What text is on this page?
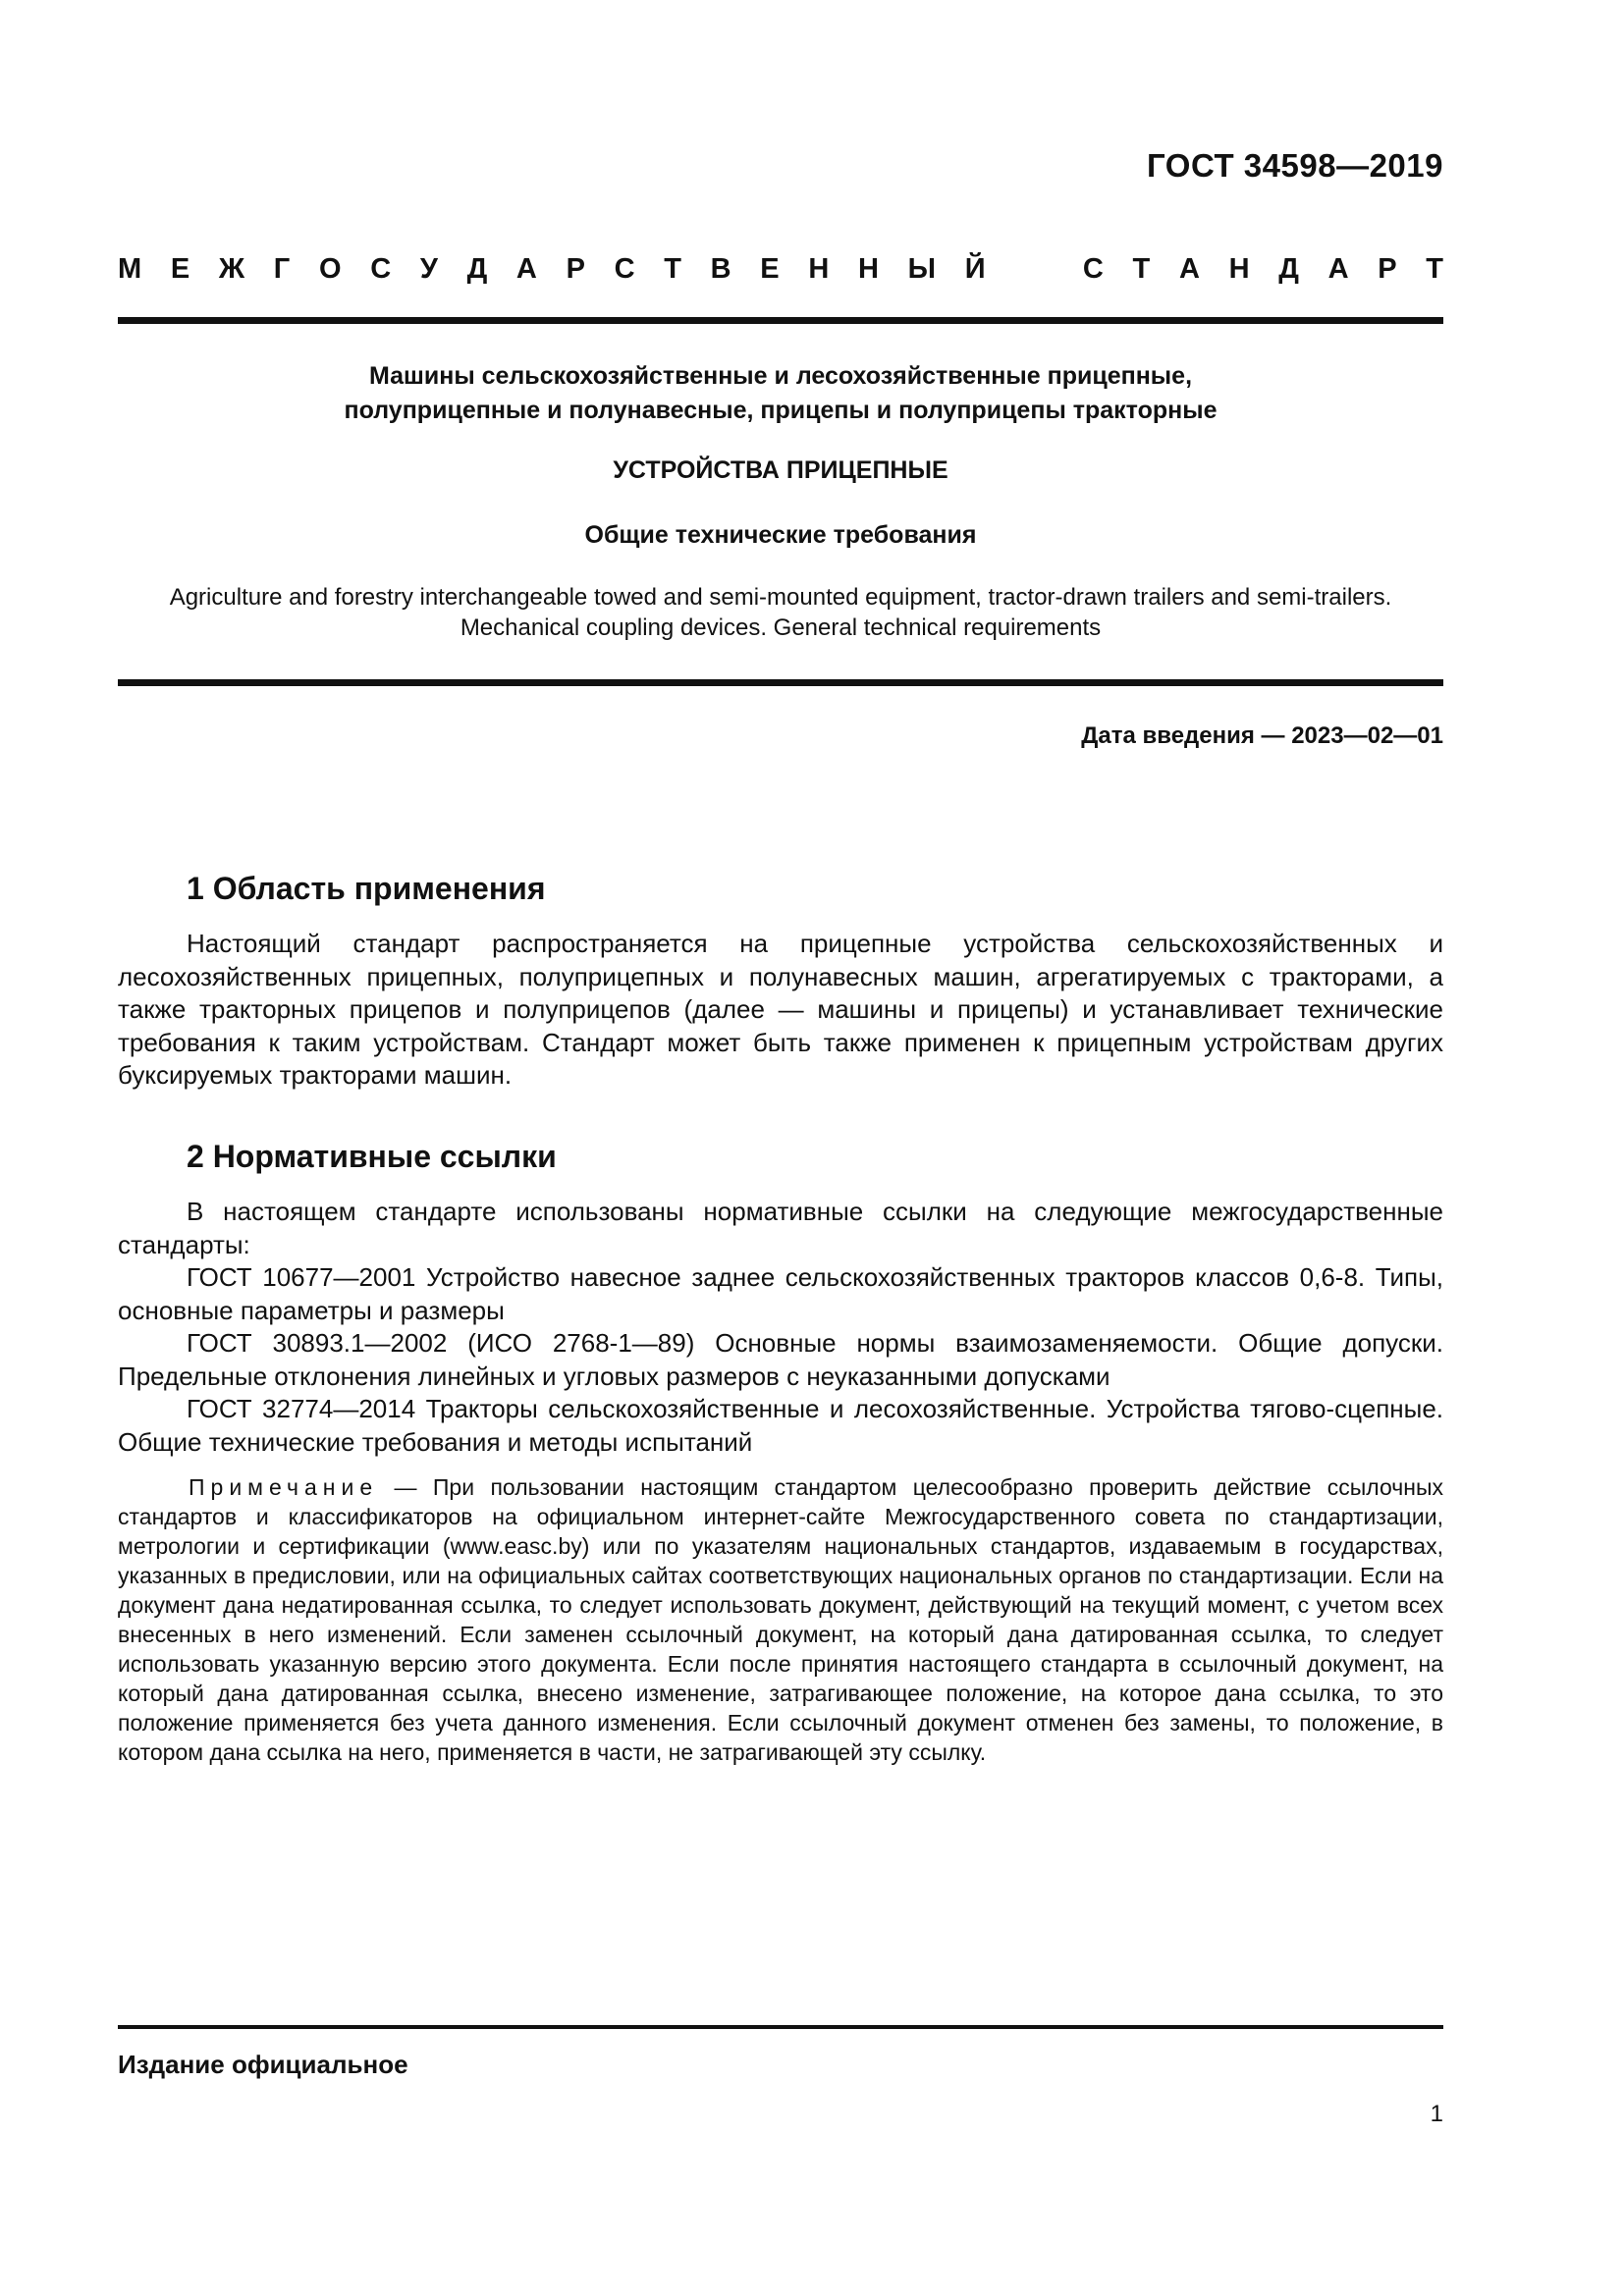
ГОСТ 34598—2019
М Е Ж Г О С У Д А Р С Т В Е Н Н Ы Й	С Т А Н Д А Р Т
Машины сельскохозяйственные и лесохозяйственные прицепные,
полуприцепные и полунавесные, прицепы и полуприцепы тракторные
УСТРОЙСТВА ПРИЦЕПНЫЕ
Общие технические требования
Agriculture and forestry interchangeable towed and semi-mounted equipment, tractor-drawn trailers and semi-trailers.
Mechanical coupling devices. General technical requirements
Дата введения — 2023—02—01
1 Область применения
Настоящий стандарт распространяется на прицепные устройства сельскохозяйственных и лесохозяйственных прицепных, полуприцепных и полунавесных машин, агрегатируемых с тракторами, а также тракторных прицепов и полуприцепов (далее — машины и прицепы) и устанавливает технические требования к таким устройствам. Стандарт может быть также применен к прицепным устройствам других буксируемых тракторами машин.
2 Нормативные ссылки
В настоящем стандарте использованы нормативные ссылки на следующие межгосударственные стандарты:
ГОСТ 10677—2001 Устройство навесное заднее сельскохозяйственных тракторов классов 0,6-8. Типы, основные параметры и размеры
ГОСТ 30893.1—2002 (ИСО 2768-1—89) Основные нормы взаимозаменяемости. Общие допуски. Предельные отклонения линейных и угловых размеров с неуказанными допусками
ГОСТ 32774—2014 Тракторы сельскохозяйственные и лесохозяйственные. Устройства тягово-сцепные. Общие технические требования и методы испытаний
Примечание — При пользовании настоящим стандартом целесообразно проверить действие ссылочных стандартов и классификаторов на официальном интернет-сайте Межгосударственного совета по стандартизации, метрологии и сертификации (www.easc.by) или по указателям национальных стандартов, издаваемым в государствах, указанных в предисловии, или на официальных сайтах соответствующих национальных органов по стандартизации. Если на документ дана недатированная ссылка, то следует использовать документ, действующий на текущий момент, с учетом всех внесенных в него изменений. Если заменен ссылочный документ, на который дана датированная ссылка, то следует использовать указанную версию этого документа. Если после принятия настоящего стандарта в ссылочный документ, на который дана датированная ссылка, внесено изменение, затрагивающее положение, на которое дана ссылка, то это положение применяется без учета данного изменения. Если ссылочный документ отменен без замены, то положение, в котором дана ссылка на него, применяется в части, не затрагивающей эту ссылку.
Издание официальное
1
